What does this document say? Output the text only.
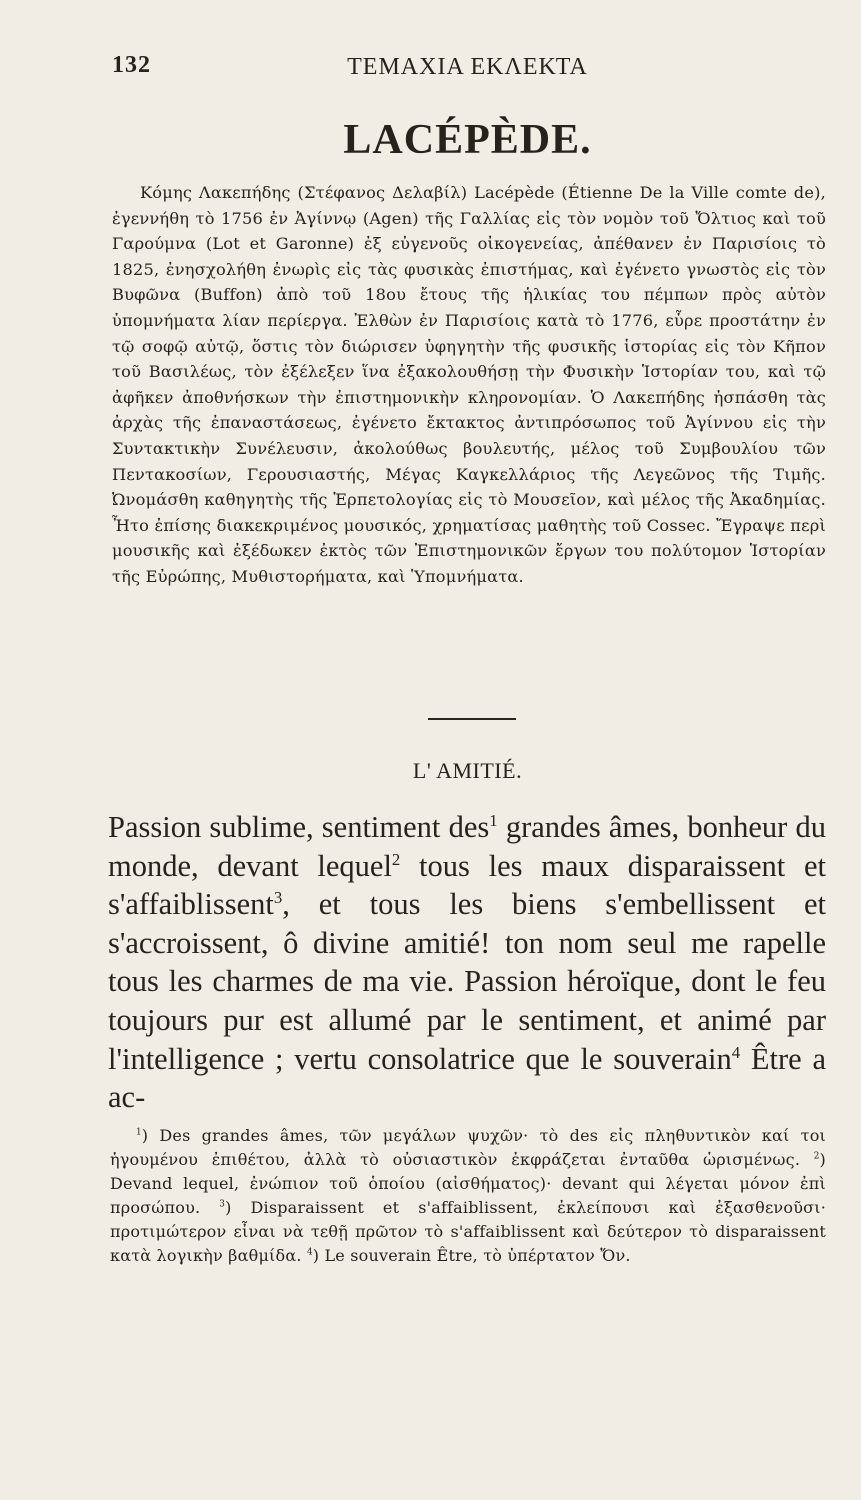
132	ΤΕΜΑΧΙΑ ΕΚΛΕΚΤΑ
LACÉPÈDE.

Κόμης Λακεπήδης (Στέφανος Δελαβίλ) Lacépède (Étienne De la Ville comte de), ἐγεννήθη τὸ 1756 ἐν Ἀγίννῳ (Agen) τῆς Γαλλίας εἰς τὸν νομὸν τοῦ Ὄλτιος καὶ τοῦ Γαρούμνα (Lot et Garonne) ἐξ εὐγενοῦς οἰκογενείας, ἀπέθανεν ἐν Παρισίοις τὸ 1825, ἐνησχολήθη ἐνωρὶς εἰς τὰς φυσικὰς ἐπιστήμας, καὶ ἐγένετο γνωστὸς εἰς τὸν Βυφῶνα (Buffon) ἀπὸ τοῦ 18ου ἔτους τῆς ἡλικίας του πέμπων πρὸς αὐτὸν ὑπομνήματα λίαν περίεργα. Ἐλθὼν ἐν Παρισίοις κατὰ τὸ 1776, εὗρε προστάτην ἐν τῷ σοφῷ αὐτῷ, ὅστις τὸν διώρισεν ὑφηγητὴν τῆς φυσικῆς ἱστορίας εἰς τὸν Κῆπον τοῦ Βασιλέως, τὸν ἐξέλεξεν ἵνα ἐξακολουθήσῃ τὴν Φυσικὴν Ἱστορίαν του, καὶ τῷ ἀφῆκεν ἀποθνήσκων τὴν ἐπιστημονικὴν κληρονομίαν. Ὁ Λακεπήδης ἠσπάσθη τὰς ἀρχὰς τῆς ἐπαναστάσεως, ἐγένετο ἔκτακτος ἀντιπρόσωπος τοῦ Ἀγίννου εἰς τὴν Συντακτικὴν Συνέλευσιν, ἀκολούθως βουλευτής, μέλος τοῦ Συμβουλίου τῶν Πεντακοσίων, Γερουσιαστής, Μέγας Καγκελλάριος τῆς Λεγεῶνος τῆς Τιμῆς. Ὠνομάσθη καθηγητὴς τῆς Ἑρπετολογίας εἰς τὸ Μουσεῖον, καὶ μέλος τῆς Ἀκαδημίας. Ἦτο ἐπίσης διακεκριμένος μουσικός, χρηματίσας μαθητὴς τοῦ Cossec. Ἔγραψε περὶ μουσικῆς καὶ ἐξέδωκεν ἐκτὸς τῶν Ἐπιστημονικῶν ἔργων του πολύτομον Ἱστορίαν τῆς Εὐρώπης, Μυθιστορήματα, καὶ Ὑπομνήματα.

L' AMITIÉ.

Passion sublime, sentiment des$^1$ grandes âmes, bonheur du monde, devant lequel$^2$ tous les maux disparaissent et s'affaiblissent$^3$, et tous les biens s'embellissent et s'accroissent, ô divine amitié! ton nom seul me rapelle tous les charmes de ma vie. Passion héroïque, dont le feu toujours pur est allumé par le sentiment, et animé par l'intelligence ; vertu consolatrice que le souverain$^4$ Être a ac-

$^1$) Des grandes âmes, τῶν μεγάλων ψυχῶν· τὸ des εἰς πληθυντικὸν καί τοι ἡγουμένου ἐπιθέτου, ἀλλὰ τὸ οὐσιαστικὸν ἐκφράζεται ἐνταῦθα ὡρισμένως. $^2$) Devand lequel, ἐνώπιον τοῦ ὁποίου (αἰσθήματος)· devant qui λέγεται μόνον ἐπὶ προσώπου. $^3$) Disparaissent et s'affaiblissent, ἐκλείπουσι καὶ ἐξασθενοῦσι· προτιμώτερον εἶναι νὰ τεθῇ πρῶτον τὸ s'affaiblissent καὶ δεύτερον τὸ disparaissent κατὰ λογικὴν βαθμίδα. $^4$) Le souverain Être, τὸ ὑπέρτατον Ὄν.
